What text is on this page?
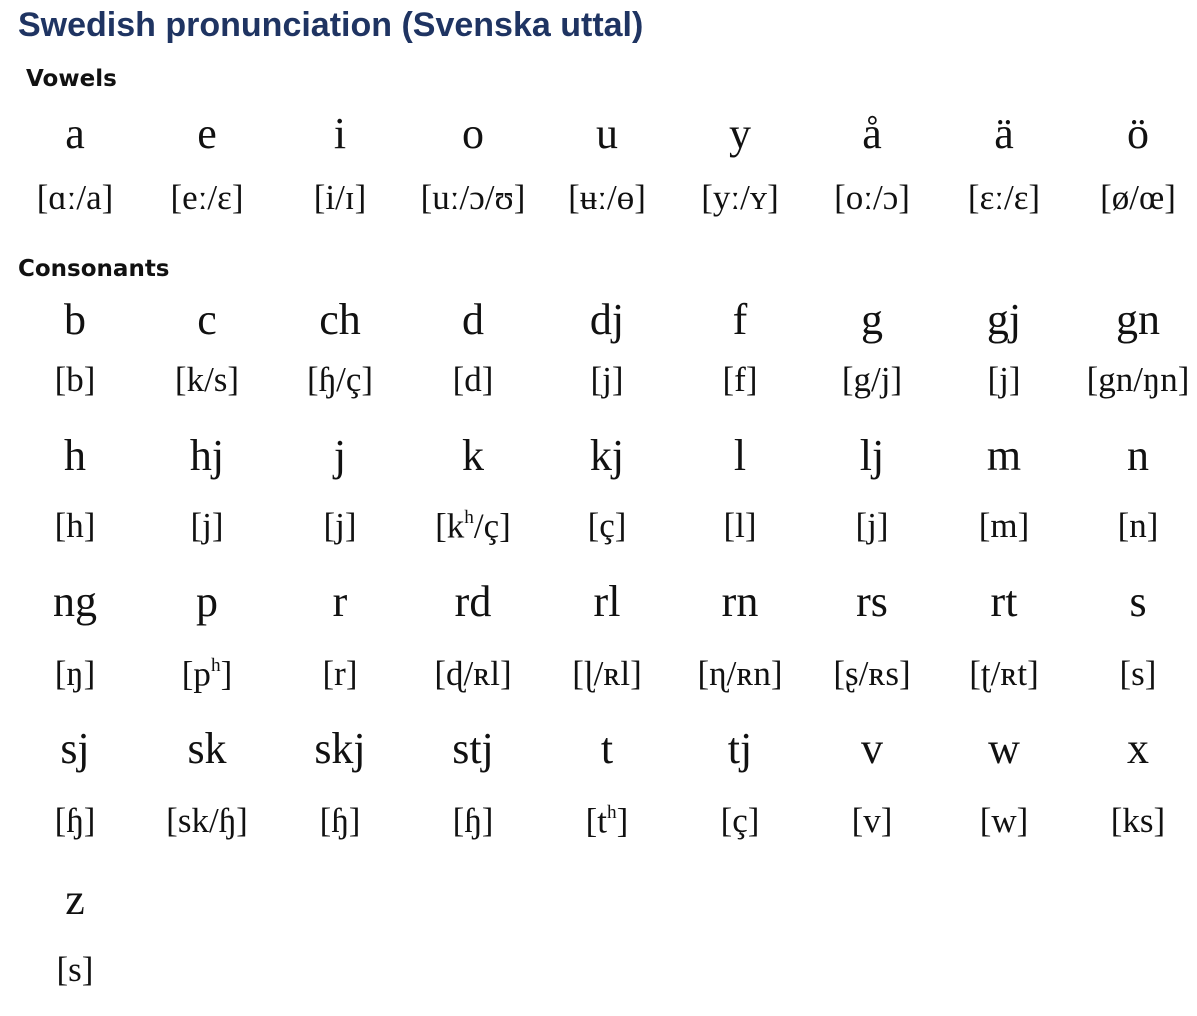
Swedish pronunciation (Svenska uttal)
Vowels
Consonants
a
[ɑː/a]
e
[eː/ɛ]
i
[i/ɪ]
o
[uː/ɔ/ʊ]
u
[ʉː/ɵ]
y
[yː/ʏ]
å
[oː/ɔ]
ä
[ɛː/ɛ]
ö
[ø/œ]
b
[b]
c
[k/s]
ch
[ɧ/ç]
d
[d]
dj
[j]
f
[f]
g
[g/j]
gj
[j]
gn
[gn/ŋn]
h
[h]
hj
[j]
j
[j]
k
$[k^h/ç]$
kj
[ç]
l
[l]
lj
[j]
m
[m]
n
[n]
ng
[ŋ]
p
$[p^h]$
r
[r]
rd
[ɖ/ʀl]
rl
[ɭ/ʀl]
rn
[ɳ/ʀn]
rs
[ʂ/ʀs]
rt
[ʈ/ʀt]
s
[s]
sj
[ɧ]
sk
[sk/ɧ]
skj
[ɧ]
stj
[ɧ]
t
$[t^h]$
tj
[ç]
v
[v]
w
[w]
x
[ks]
z
[s]
